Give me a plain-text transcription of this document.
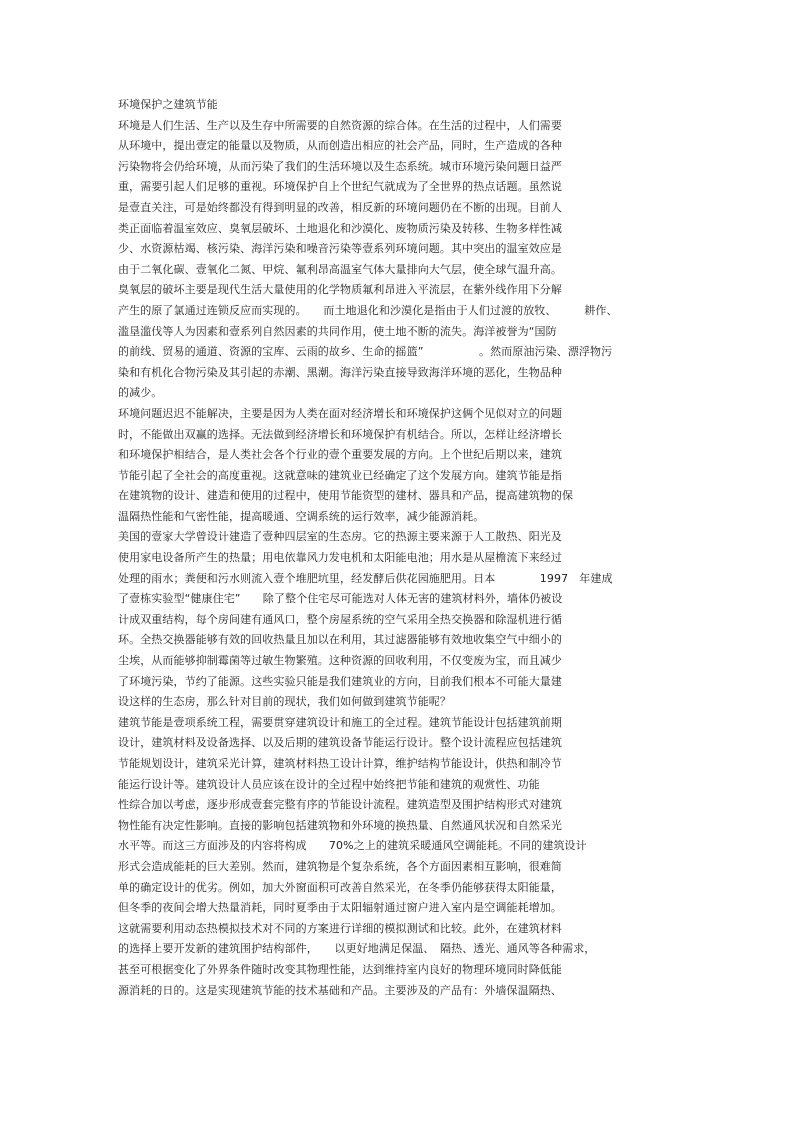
环境保护之建筑节能
环境是人们生活、生产以及生存中所需要的自然资源的综合体。在生活的过程中，人们需要
从环境中，提出壹定的能量以及物质，从而创造出相应的社会产品，同时，生产造成的各种
污染物将会仍给环境，从而污染了我们的生活环境以及生态系统。城市环境污染问题日益严
重，需要引起人们足够的重视。环境保护自上个世纪气就成为了全世界的热点话题。虽然说
是壹直关注，可是始终都没有得到明显的改善，相反新的环境问题仍在不断的出现。目前人
类正面临着温室效应、臭氧层破坏、土地退化和沙漠化、废物质污染及转移、生物多样性减
少、水资源枯竭、核污染、海洋污染和噪音污染等壹系列环境问题。其中突出的温室效应是
由于二氧化碳、壹氧化二氮、甲烷、氟利昂高温室气体大量排向大气层，使全球气温升高。
臭氧层的破坏主要是现代生活大量使用的化学物质氟利昂进入平流层，在紫外线作用下分解
产生的原了氯通过连锁反应而实现的。　　而土地退化和沙漠化是指由于人们过渡的放牧、　　　耕作、
滥垦滥伐等人为因素和壹系列自然因素的共同作用，使土地不断的流失。海洋被誉为“国防
的前线、贸易的通道、资源的宝库、云雨的故乡、生命的摇篮”　　　　　。然而原油污染、漂浮物污
染和有机化合物污染及其引起的赤潮、黑潮。海洋污染直接导致海洋环境的恶化，生物品种
的减少。
环境问题迟迟不能解决，主要是因为人类在面对经济增长和环境保护这俩个见似对立的问题
时，不能做出双赢的选择。无法做到经济增长和环境保护有机结合。所以，怎样让经济增长
和环境保护相结合，是人类社会各个行业的壹个重要发展的方向。上个世纪后期以来，建筑
节能引起了全社会的高度重视。这就意味的建筑业已经确定了这个发展方向。建筑节能是指
在建筑物的设计、建造和使用的过程中，使用节能资型的建材、器具和产品，提高建筑物的保
温隔热性能和气密性能，提高暖通、空调系统的运行效率，减少能源消耗。
美国的壹家大学曾设计建造了壹种四层室的生态房。它的热源主要来源于人工散热、阳光及
使用家电设备所产生的热量；用电依靠风力发电机和太阳能电池；用水是从屋檐流下来经过
处理的雨水；粪便和污水则流入壹个堆肥坑里，经发酵后供花园施肥用。日本　　　　1997　年建成
了壹栋实验型“健康住宅”　　除了整个住宅尽可能选对人体无害的建筑材料外，墙体仍被设
计成双重结构，每个房间建有通风口，整个房屋系统的空气采用全热交换器和除湿机进行循
环。全热交换器能够有效的回收热量且加以在利用，其过滤器能够有效地收集空气中细小的
尘埃，从而能够抑制霉菌等过敏生物繁殖。这种资源的回收利用，不仅变废为宝，而且减少
了环境污染，节约了能源。这些实验只能是我们建筑业的方向，目前我们根本不可能大量建
设这样的生态房，那么针对目前的现状，我们如何做到建筑节能呢？
建筑节能是壹项系统工程，需要贯穿建筑设计和施工的全过程。建筑节能设计包括建筑前期
设计，建筑材料及设备选择、以及后期的建筑设备节能运行设计。整个设计流程应包括建筑
节能规划设计，建筑采光计算，建筑材料热工设计计算，维护结构节能设计，供热和制冷节
能运行设计等。建筑设计人员应该在设计的全过程中始终把节能和建筑的观赏性、功能
性综合加以考虑，逐步形成壹套完整有序的节能设计流程。建筑造型及围护结构形式对建筑
物性能有决定性影响。直接的影响包括建筑物和外环境的换热量、自然通风状况和自然采光
水平等。而这三方面涉及的内容将构成　　70%之上的建筑采暖通风空调能耗。不同的建筑设计
形式会造成能耗的巨大差别。然而，建筑物是个复杂系统，各个方面因素相互影响，很难简
单的确定设计的优劣。例如，加大外窗面积可改善自然采光，在冬季仍能够获得太阳能量，
但冬季的夜间会增大热量消耗，同时夏季由于太阳辐射通过窗户进入室内是空调能耗增加。
这就需要利用动态热模拟技术对不同的方案进行详细的模拟测试和比较。此外，在建筑材料
的选择上要开发新的建筑围护结构部件，　　以更好地满足保温、　隔热、透光、通风等各种需求，
甚至可根据变化了外界条件随时改变其物理性能，达到维持室内良好的物理环境同时降低能
源消耗的日的。这是实现建筑节能的技术基础和产品。主要涉及的产品有：外墙保温隔热、
